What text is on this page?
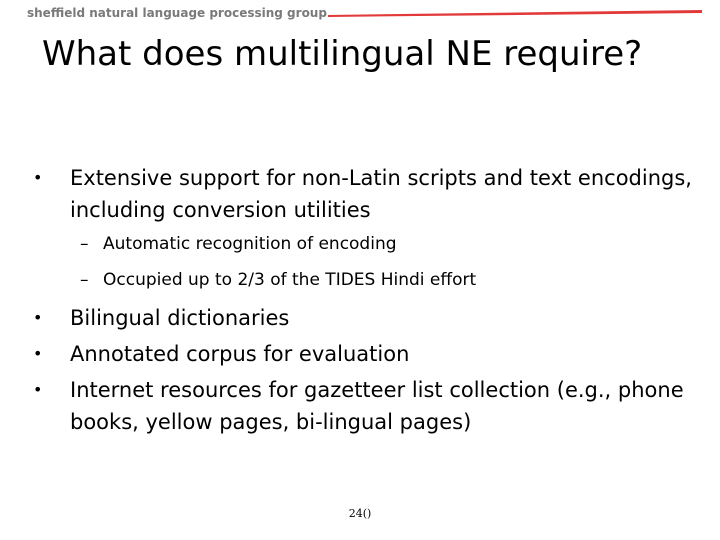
sheffield natural language processing group
What does multilingual NE require?
• Extensive support for non-Latin scripts and text encodings, including conversion utilities
– Automatic recognition of encoding
– Occupied up to 2/3 of the TIDES Hindi effort
• Bilingual dictionaries
• Annotated corpus for evaluation
• Internet resources for gazetteer list collection (e.g., phone books, yellow pages, bi-lingual pages)
24()
